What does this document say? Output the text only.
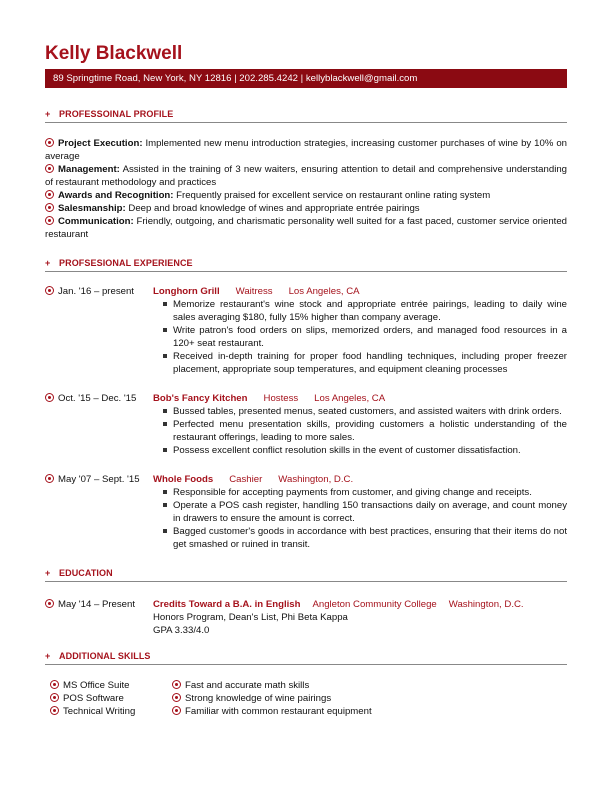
Kelly Blackwell
89 Springtime Road, New York, NY 12816 | 202.285.4242 | kellyblackwell@gmail.com
+ PROFESSOINAL PROFILE

Project Execution: Implemented new menu introduction strategies, increasing customer purchases of wine by 10% on average

Management: Assisted in the training of 3 new waiters, ensuring attention to detail and comprehensive understanding of restaurant methodology and practices

Awards and Recognition: Frequently praised for excellent service on restaurant online rating system

Salesmanship: Deep and broad knowledge of wines and appropriate entrée pairings

Communication: Friendly, outgoing, and charismatic personality well suited for a fast paced, customer service oriented restaurant

+ PROFSESIONAL EXPERIENCE
Jan. '16 – present	Longhorn Grill Waitress Los Angeles, CA
Memorize restaurant's wine stock and appropriate entrée pairings, leading to daily wine sales averaging $180, fully 15% higher than company average.
Write patron's food orders on slips, memorized orders, and managed food resources in a 120+ seat restaurant.
Received in-depth training for proper food handling techniques, including proper freezer placement, appropriate soup temperatures, and equipment cleaning processes
Oct. '15 – Dec. '15	Bob's Fancy Kitchen Hostess Los Angeles, CA
Bussed tables, presented menus, seated customers, and assisted waiters with drink orders.
Perfected menu presentation skills, providing customers a holistic understanding of the restaurant offerings, leading to more sales.
Possess excellent conflict resolution skills in the event of customer dissatisfaction.
May '07 – Sept. '15	Whole Foods Cashier Washington, D.C.
Responsible for accepting payments from customer, and giving change and receipts.
Operate a POS cash register, handling 150 transactions daily on average, and count money in drawers to ensure the amount is correct.
Bagged customer's goods in accordance with best practices, ensuring that their items do not get smashed or ruined in transit.
+ EDUCATION
May '14 – Present	Credits Toward a B.A. in English Angleton Community College Washington, D.C.
Honors Program, Dean's List, Phi Beta Kappa
GPA 3.33/4.0
+ ADDITIONAL SKILLS
MS Office Suite
POS Software
Technical Writing
Fast and accurate math skills
Strong knowledge of wine pairings
Familiar with common restaurant equipment
